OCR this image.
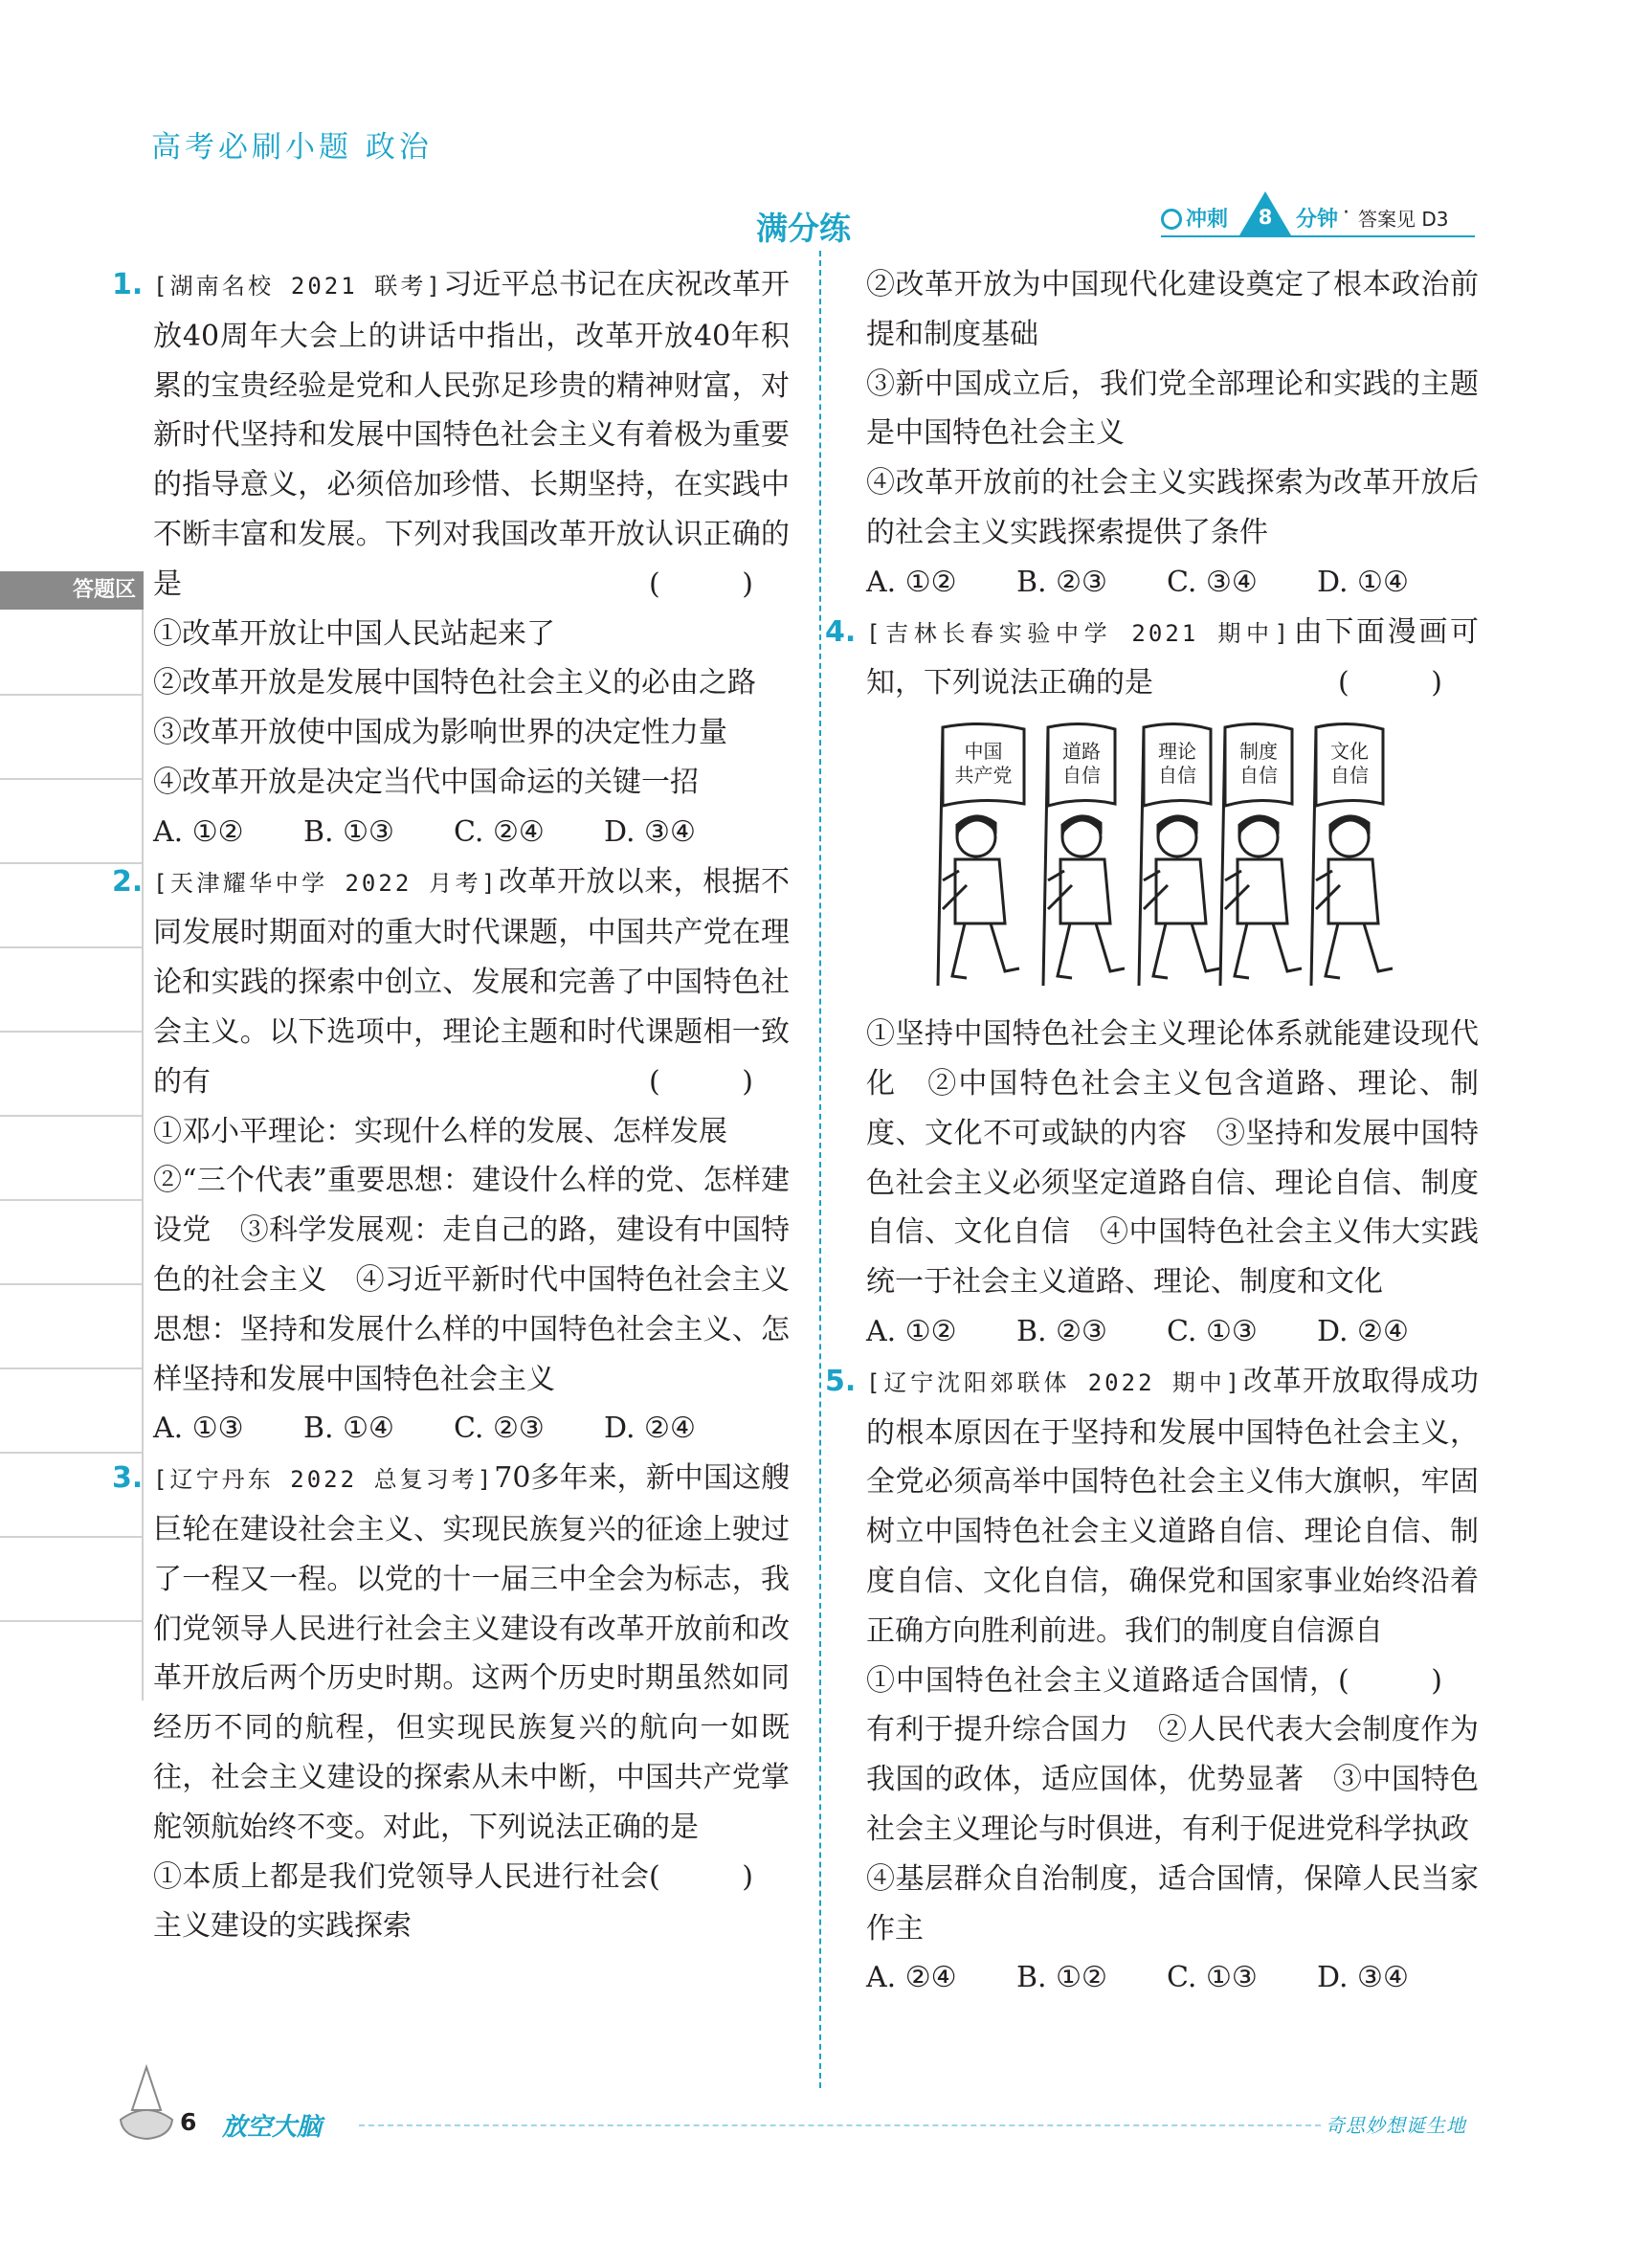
高考必刷小题 政治
满分练	冲刺	8	分钟 · 答案见 D3
答题区
1. [湖南名校 2021 联考]习近平总书记在庆祝改革开放40周年大会上的讲话中指出，改革开放40年积累的宝贵经验是党和人民弥足珍贵的精神财富，对新时代坚持和发展中国特色社会主义有着极为重要的指导意义，必须倍加珍惜、长期坚持，在实践中不断丰富和发展。下列对我国改革开放认识正确的是	( )
①改革开放让中国人民站起来了
②改革开放是发展中国特色社会主义的必由之路
③改革开放使中国成为影响世界的决定性力量
④改革开放是决定当代中国命运的关键一招
A. ①②	B. ①③	C. ②④	D. ③④
2. [天津耀华中学 2022 月考]改革开放以来，根据不同发展时期面对的重大时代课题，中国共产党在理论和实践的探索中创立、发展和完善了中国特色社会主义。以下选项中，理论主题和时代课题相一致的有	( )
①邓小平理论：实现什么样的发展、怎样发展
②“三个代表”重要思想：建设什么样的党、怎样建设党　③科学发展观：走自己的路，建设有中国特色的社会主义　④习近平新时代中国特色社会主义思想：坚持和发展什么样的中国特色社会主义、怎样坚持和发展中国特色社会主义
A. ①③	B. ①④	C. ②③	D. ②④
3. [辽宁丹东 2022 总复习考]70多年来，新中国这艘巨轮在建设社会主义、实现民族复兴的征途上驶过了一程又一程。以党的十一届三中全会为标志，我们党领导人民进行社会主义建设有改革开放前和改革开放后两个历史时期。这两个历史时期虽然如同经历不同的航程，但实现民族复兴的航向一如既往，社会主义建设的探索从未中断，中国共产党掌舵领航始终不变。对此，下列说法正确的是
( )
①本质上都是我们党领导人民进行社会主义建设的实践探索
②改革开放为中国现代化建设奠定了根本政治前提和制度基础
③新中国成立后，我们党全部理论和实践的主题是中国特色社会主义
④改革开放前的社会主义实践探索为改革开放后的社会主义实践探索提供了条件
A. ①②	B. ②③	C. ③④	D. ①④
4. [吉林长春实验中学 2021 期中]由下面漫画可知，下列说法正确的是	( )
中国
共产党
道路
自信
理论
自信
制度
自信
文化
自信
①坚持中国特色社会主义理论体系就能建设现代化　②中国特色社会主义包含道路、理论、制度、文化不可或缺的内容　③坚持和发展中国特色社会主义必须坚定道路自信、理论自信、制度自信、文化自信　④中国特色社会主义伟大实践统一于社会主义道路、理论、制度和文化
A. ①②	B. ②③	C. ①③	D. ②④
5. [辽宁沈阳郊联体 2022 期中]改革开放取得成功的根本原因在于坚持和发展中国特色社会主义，全党必须高举中国特色社会主义伟大旗帜，牢固树立中国特色社会主义道路自信、理论自信、制度自信、文化自信，确保党和国家事业始终沿着正确方向胜利前进。我们的制度自信源自
( )
①中国特色社会主义道路适合国情，有利于提升综合国力　②人民代表大会制度作为我国的政体，适应国体，优势显著　③中国特色社会主义理论与时俱进，有利于促进党科学执政
④基层群众自治制度，适合国情，保障人民当家作主
A. ②④	B. ①②	C. ①③	D. ③④
6 放空大脑	奇思妙想诞生地
